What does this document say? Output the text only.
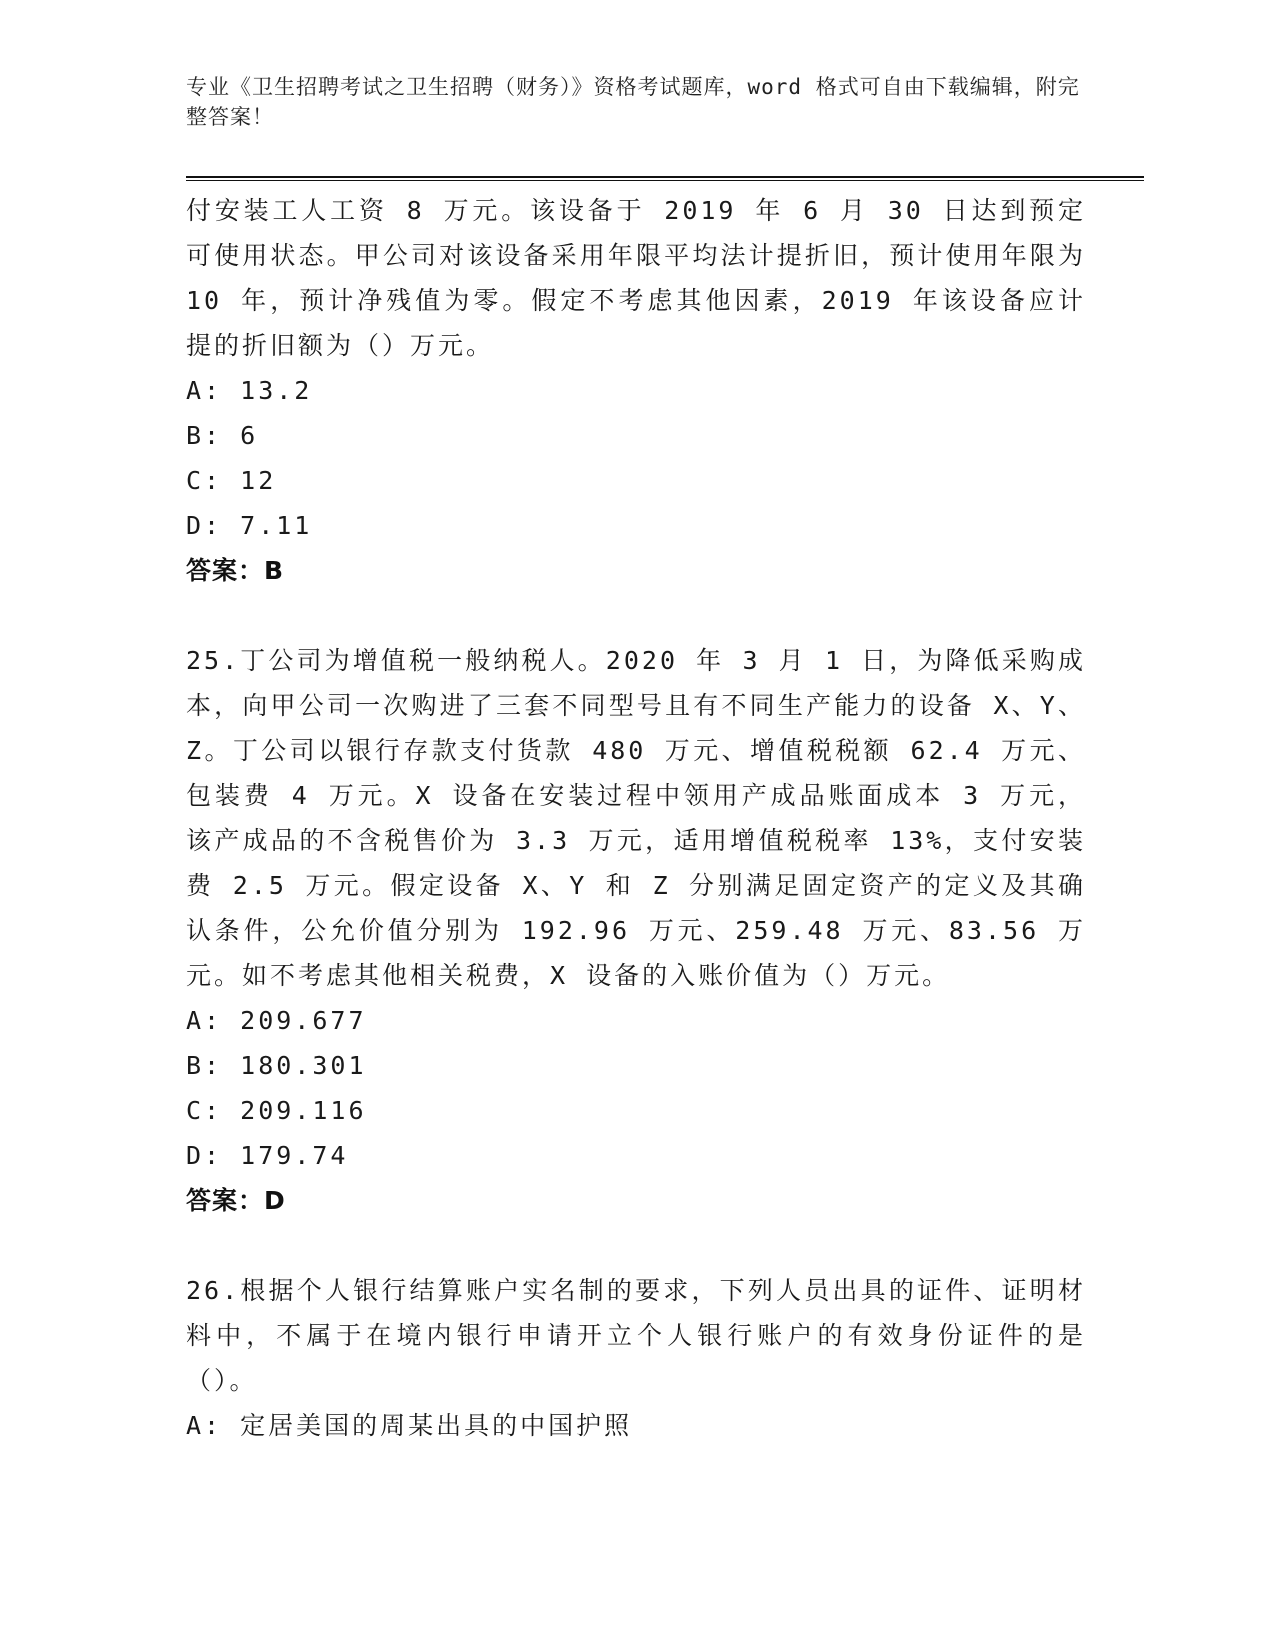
专业《卫生招聘考试之卫生招聘（财务）》资格考试题库，word 格式可自由下载编辑，附完整答案！

付安装工人工资 8 万元。该设备于 2019 年 6 月 30 日达到预定可使用状态。甲公司对该设备采用年限平均法计提折旧，预计使用年限为 10 年，预计净残值为零。假定不考虑其他因素，2019 年该设备应计提的折旧额为（）万元。

A: 13.2

B: 6

C: 12

D: 7.11

答案：B

25.丁公司为增值税一般纳税人。2020 年 3 月 1 日，为降低采购成本，向甲公司一次购进了三套不同型号且有不同生产能力的设备 X、Y、Z。丁公司以银行存款支付货款 480 万元、增值税税额 62.4 万元、包装费 4 万元。X 设备在安装过程中领用产成品账面成本 3 万元，该产成品的不含税售价为 3.3 万元，适用增值税税率 13%，支付安装费 2.5 万元。假定设备 X、Y 和 Z 分别满足固定资产的定义及其确认条件，公允价值分别为 192.96 万元、259.48 万元、83.56 万元。如不考虑其他相关税费，X 设备的入账价值为（）万元。

A: 209.677

B: 180.301

C: 209.116

D: 179.74

答案：D

26.根据个人银行结算账户实名制的要求，下列人员出具的证件、证明材料中，不属于在境内银行申请开立个人银行账户的有效身份证件的是（）。

A: 定居美国的周某出具的中国护照
